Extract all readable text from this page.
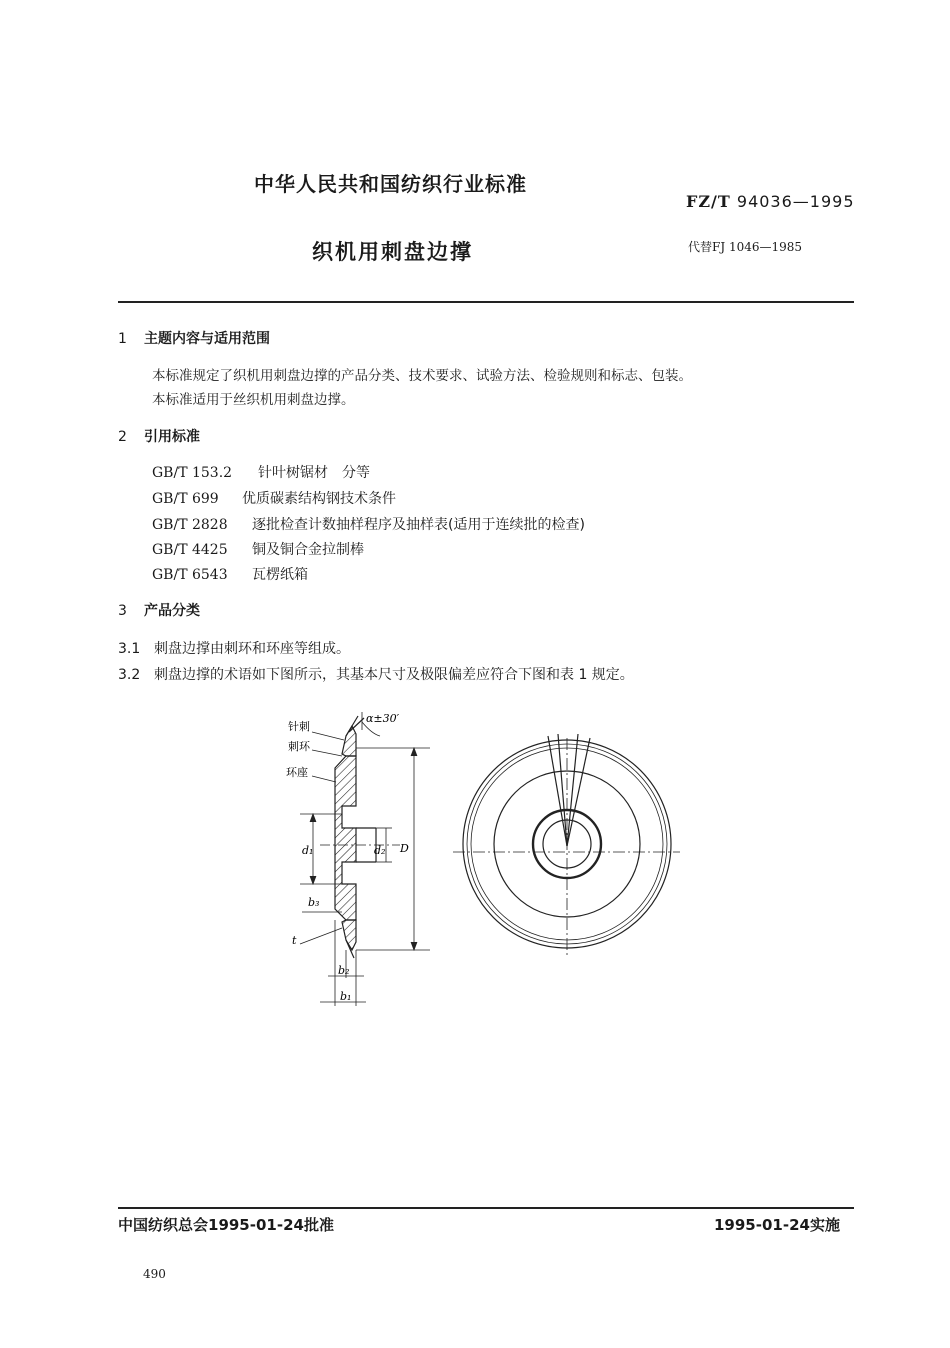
中华人民共和国纺织行业标准
FZ/T 94036—1995
织机用刺盘边撑	代替FJ 1046—1985
1 主题内容与适用范围
本标准规定了织机用刺盘边撑的产品分类、技术要求、试验方法、检验规则和标志、包装。
本标准适用于丝织机用刺盘边撑。
2 引用标准
GB/T 153.2 针叶树锯材　分等
GB/T 699 优质碳素结构钢技术条件
GB/T 2828 逐批检查计数抽样程序及抽样表(适用于连续批的检查)
GB/T 4425 铜及铜合金拉制棒
GB/T 6543 瓦楞纸箱
3 产品分类
3.1 刺盘边撑由刺环和环座等组成。
3.2 刺盘边撑的术语如下图所示，其基本尺寸及极限偏差应符合下图和表 1 规定。
针刺
刺环
环座
α±30′
d₁	d₂ D
b₃
t
b₂
b₁
中国纺织总会1995-01-24批准	1995-01-24实施
490
